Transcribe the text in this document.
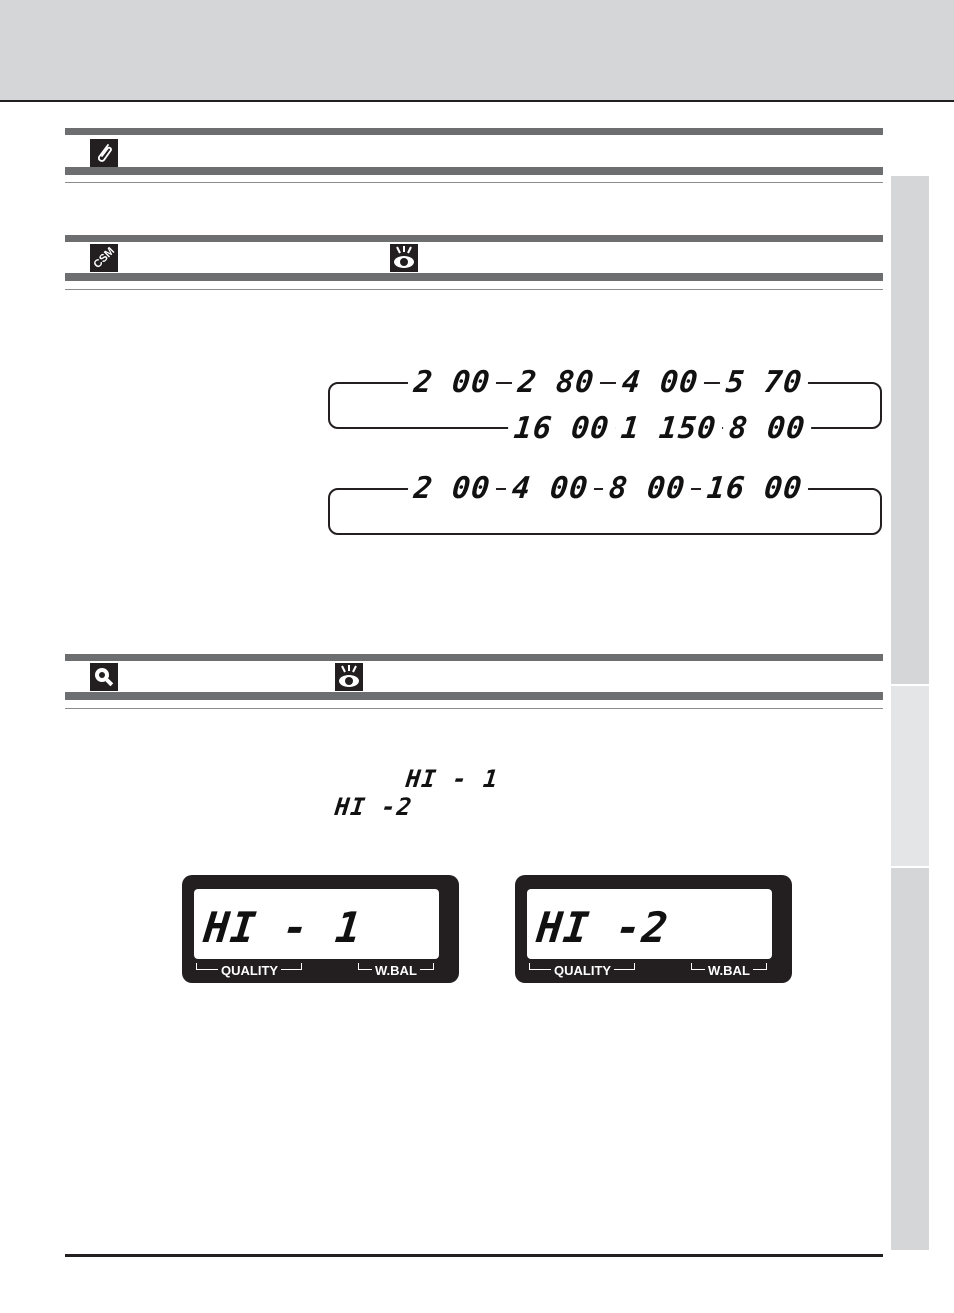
CSM
2 00 2 80 4 00 5 70
16 00 1 150 8 00
2 00 4 00 8 00 16 00
HI - 1
HI -2
HI - 1
QUALITY	W.BAL
HI -2
QUALITY	W.BAL
